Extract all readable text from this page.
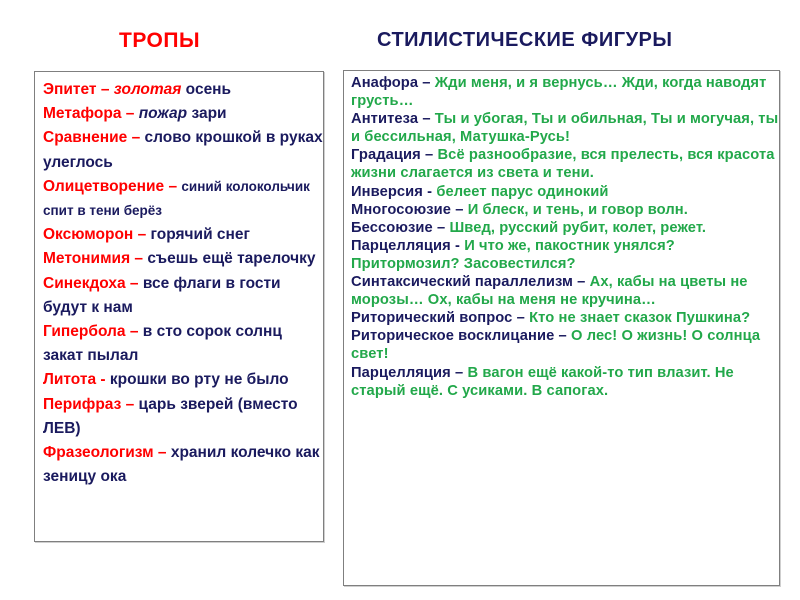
ТРОПЫ	СТИЛИСТИЧЕСКИЕ ФИГУРЫ
Эпитет – золотая осень
Метафора – пожар зари
Сравнение – слово крошкой в руках улеглось
Олицетворение – синий колокольчик спит в тени берёз
Оксюморон – горячий снег
Метонимия – съешь ещё тарелочку
Синекдоха – все флаги в гости будут к нам
Гипербола – в сто сорок солнц закат пылал
Литота - крошки во рту не было
Перифраз – царь зверей (вместо ЛЕВ)
Фразеологизм – хранил колечко как зеницу ока
Анафора – Жди меня, и я вернусь… Жди, когда наводят грусть…
Антитеза – Ты и убогая, Ты и обильная, Ты и могучая, ты и бессильная, Матушка-Русь!
Градация – Всё разнообразие, вся прелесть, вся красота жизни слагается из света и тени.
Инверсия - белеет парус одинокий
Многосоюзие – И блеск, и тень, и говор волн.
Бессоюзие – Швед, русский рубит, колет, режет.
Парцелляция - И что же, пакостник унялся? Притормозил? Засовестился?
Синтаксический параллелизм – Ах, кабы на цветы не морозы… Ох, кабы на меня не кручина…
Риторический вопрос – Кто не знает сказок Пушкина?
Риторическое восклицание – О лес! О жизнь! О солнца свет!
Парцелляция – В вагон ещё какой-то тип влазит. Не старый ещё. С усиками. В сапогах.
